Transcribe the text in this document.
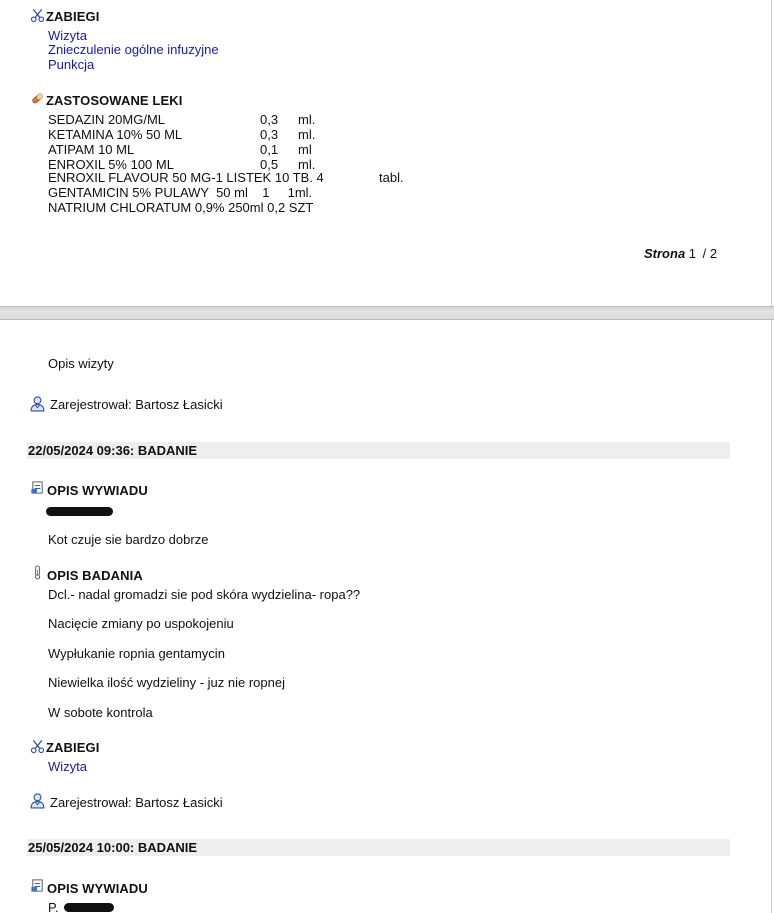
ZABIEGI
Wizyta
Znieczulenie ogólne infuzyjne
Punkcja
ZASTOSOWANE LEKI
SEDAZIN 20MG/ML	0,3	ml.
KETAMINA 10% 50 ML	0,3	ml.
ATIPAM 10 ML	0,1	ml
ENROXIL 5% 100 ML	0,5	ml.
ENROXIL FLAVOUR 50 MG-1 LISTEK 10 TB. 4	tabl.
GENTAMICIN 5% PULAWY  50 ml    1     1ml.
NATRIUM CHLORATUM 0,9% 250ml 0,2 SZT
Strona 1 / 2
Opis wizyty
Zarejestrował: Bartosz Łasicki
22/05/2024 09:36: BADANIE
OPIS WYWIADU
Kot czuje sie bardzo dobrze
OPIS BADANIA
Dcl.- nadal gromadzi sie pod skóra wydzielina- ropa??
Nacięcie zmiany po uspokojeniu
Wypłukanie ropnia gentamycin
Niewielka ilość wydzieliny - juz nie ropnej
W sobote kontrola
ZABIEGI
Wizyta
Zarejestrował: Bartosz Łasicki
25/05/2024 10:00: BADANIE
OPIS WYWIADU
P.
